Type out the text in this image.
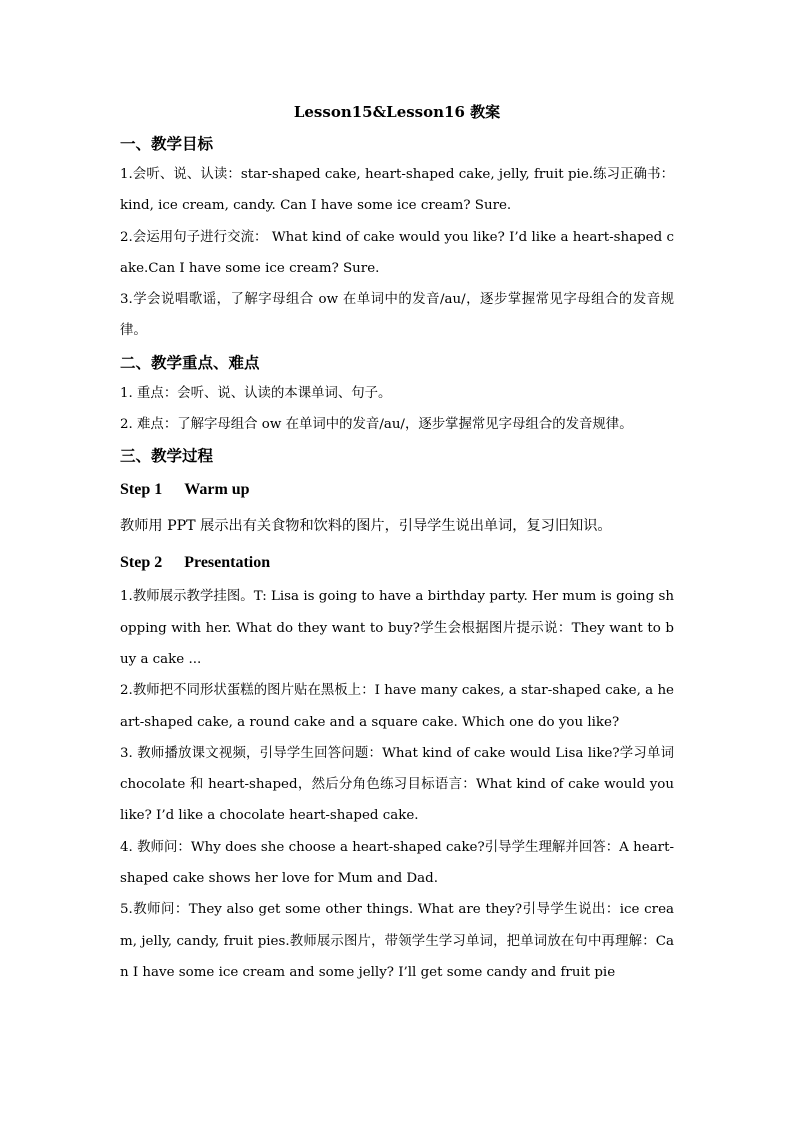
Lesson15&Lesson16 教案

一、教学目标

1.会听、说、认读：star-shaped cake, heart-shaped cake, jelly, fruit pie.练习正确书：kind, ice cream, candy. Can I have some ice cream? Sure.

2.会运用句子进行交流： What kind of cake would you like? I’d like a heart-shaped cake.Can I have some ice cream? Sure.

3.学会说唱歌谣，了解字母组合 ow 在单词中的发音/au/，逐步掌握常见字母组合的发音规律。

二、教学重点、难点

1. 重点：会听、说、认读的本课单词、句子。

2. 难点：了解字母组合 ow 在单词中的发音/au/，逐步掌握常见字母组合的发音规律。

三、教学过程

Step 1 Warm up

教师用 PPT 展示出有关食物和饮料的图片，引导学生说出单词，复习旧知识。

Step 2 Presentation

1.教师展示教学挂图。T: Lisa is going to have a birthday party. Her mum is going shopping with her. What do they want to buy?学生会根据图片提示说：They want to buy a cake ...

2.教师把不同形状蛋糕的图片贴在黑板上：I have many cakes, a star-shaped cake, a heart-shaped cake, a round cake and a square cake. Which one do you like?

3. 教师播放课文视频，引导学生回答问题：What kind of cake would Lisa like?学习单词 chocolate 和 heart-shaped，然后分角色练习目标语言：What kind of cake would you like? I’d like a chocolate heart-shaped cake.

4. 教师问：Why does she choose a heart-shaped cake?引导学生理解并回答：A heart- shaped cake shows her love for Mum and Dad.

5.教师问：They also get some other things. What are they?引导学生说出：ice cream, jelly, candy, fruit pies.教师展示图片，带领学生学习单词，把单词放在句中再理解：Can I have some ice cream and some jelly? I’ll get some candy and fruit pie
